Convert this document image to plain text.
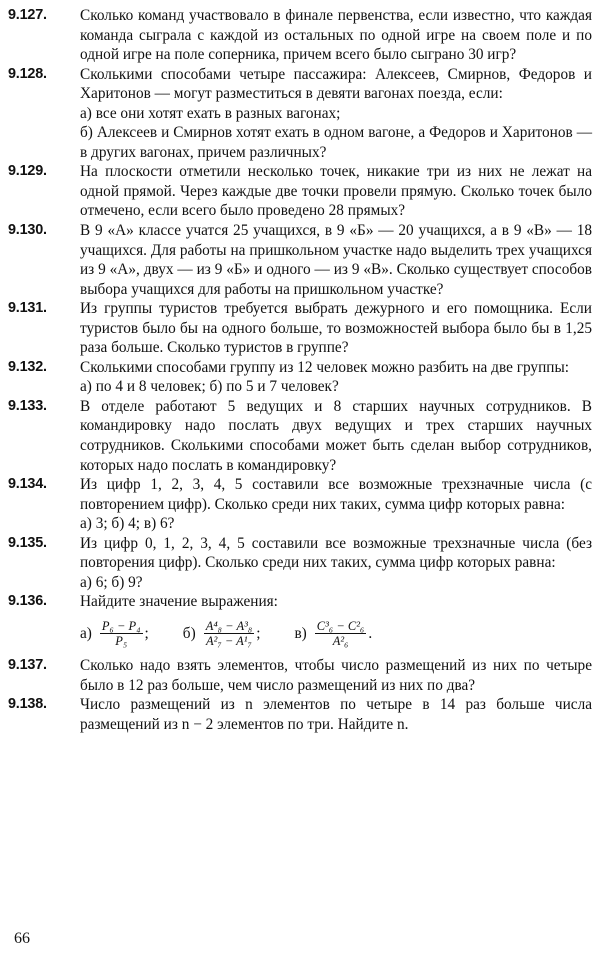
9.127.	Сколько команд участвовало в финале первенства, если известно, что каждая команда сыграла с каждой из остальных по одной игре на своем поле и по одной игре на поле соперника, причем всего было сыграно 30 игр?

9.128.	Сколькими способами четыре пассажира: Алексеев, Смирнов, Федоров и Харитонов — могут разместиться в девяти вагонах поезда, если:

а) все они хотят ехать в разных вагонах;

б) Алексеев и Смирнов хотят ехать в одном вагоне, а Федоров и Харитонов — в других вагонах, причем различных?

9.129.	На плоскости отметили несколько точек, никакие три из них не лежат на одной прямой. Через каждые две точки провели прямую. Сколько точек было отмечено, если всего было проведено 28 прямых?

9.130.	В 9 «А» классе учатся 25 учащихся, в 9 «Б» — 20 учащихся, а в 9 «В» — 18 учащихся. Для работы на пришкольном участке надо выделить трех учащихся из 9 «А», двух — из 9 «Б» и одного — из 9 «В». Сколько существует способов выбора учащихся для работы на пришкольном участке?

9.131.	Из группы туристов требуется выбрать дежурного и его помощника. Если туристов было бы на одного больше, то возможностей выбора было бы в 1,25 раза больше. Сколько туристов в группе?

9.132.	Сколькими способами группу из 12 человек можно разбить на две группы:

а) по 4 и 8 человек; б) по 5 и 7 человек?

9.133.	В отделе работают 5 ведущих и 8 старших научных сотрудников. В командировку надо послать двух ведущих и трех старших научных сотрудников. Сколькими способами может быть сделан выбор сотрудников, которых надо послать в командировку?

9.134.	Из цифр 1, 2, 3, 4, 5 составили все возможные трехзначные числа (с повторением цифр). Сколько среди них таких, сумма цифр которых равна:

а) 3; б) 4; в) 6?

9.135.	Из цифр 0, 1, 2, 3, 4, 5 составили все возможные трехзначные числа (без повторения цифр). Сколько среди них таких, сумма цифр которых равна:

а) 6; б) 9?

9.136.	Найдите значение выражения:

$а) \frac{\text{P₆ − P₄}}{\text{P₅}}$ ; $б) \frac{\text{A⁴₈ − A³₈}}{\text{A²₇ − A¹₇}}$ ; $в) \frac{\text{C³₆ − C²₆}}{\text{A²₆}}$ .
9.137.	Сколько надо взять элементов, чтобы число размещений из них по четыре было в 12 раз больше, чем число размещений из них по два?

9.138.	Число размещений из n элементов по четыре в 14 раз больше числа размещений из n − 2 элементов по три. Найдите n.

66
